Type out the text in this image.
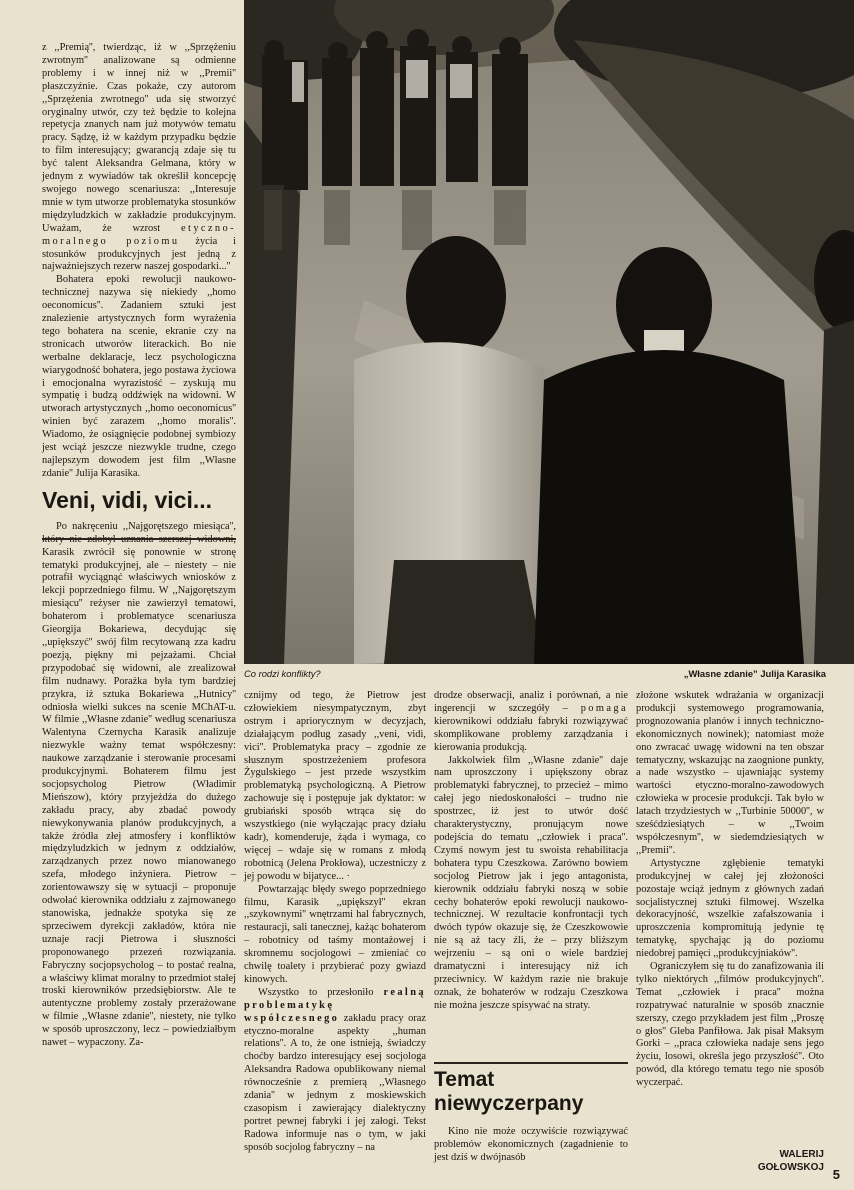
z ,,Premią'', twierdząc, iż w ,,Sprzężeniu zwrotnym'' analizowane są odmienne problemy i w innej niż w ,,Premii'' płaszczyźnie. Czas pokaże, czy autorom ,,Sprzężenia zwrotnego'' uda się stworzyć oryginalny utwór, czy też będzie to kolejna repetycja znanych nam już motywów tematu pracy. Sądzę, iż w każdym przypadku będzie to film interesujący; gwarancją zdaje się tu być talent Aleksandra Gelmana, który w jednym z wywiadów tak określił koncepcję swojego nowego scenariusza: ,,Interesuje mnie w tym utworze problematyka stosunków międzyludzkich w zakładzie produkcyjnym. Uważam, że wzrost etyczno-moralnego poziomu życia i stosunków produkcyjnych jest jedną z najważniejszych rezerw naszej gospodarki...''

Bohatera epoki rewolucji naukowo-technicznej nazywa się niekiedy ,,homo oeconomicus''. Zadaniem sztuki jest znalezienie artystycznych form wyrażenia tego bohatera na scenie, ekranie czy na stronicach utworów literackich. Bo nie werbalne deklaracje, lecz psychologiczna wiarygodność bohatera, jego postawa życiowa i emocjonalna wyrazistość – zyskują mu sympatię i budzą oddźwięk na widowni. W utworach artystycznych ,,homo oeconomicus'' winien być zarazem ,,homo moralis''. Wiadomo, że osiągnięcie podobnej symbiozy jest wciąż jeszcze niezwykle trudne, czego najlepszym dowodem jest film ,,Własne zdanie'' Julija Karasika.

Veni, vidi, vici...

Po nakręceniu ,,Najgorętszego miesiąca'', Karasik zwrócił się ponownie w stronę tematyki produkcyjnej, ale – niestety – nie potrafił wyciągnąć właściwych wniosków z lekcji poprzedniego filmu. W ,,Najgorętszym miesiącu'' reżyser nie zawierzył tematowi, bohaterom i problematyce scenariusza Gieorgija Bokariewa, decydując się ,,upiększyć'' swój film recytowaną zza kadru poezją, piękny mi pejzażami. Chciał przypodobać się widowni, ale zrealizował film nudnawy. Porażka była tym bardziej przykra, iż sztuka Bokariewa ,,Hutnicy'' odniosła wielki sukces na scenie MChAT-u. W filmie ,,Własne zdanie'' według scenariusza Walentyna Czernycha Karasik analizuje niezwykle ważny temat współczesny: naukowe zarządzanie i sterowanie procesami produkcyjnymi. Bohaterem filmu jest socjopsycholog Pietrow (Władimir Mieńszow), który przyjeżdża do dużego zakładu pracy, aby zbadać powody niewykonywania planów produkcyjnych, a także źródła złej atmosfery i konfliktów międzyludzkich w jednym z oddziałów, zarządzanych przez nowo mianowanego szefa, młodego inżyniera. Pietrow – zorientowawszy się w sytuacji – proponuje odwołać kierownika oddziału z zajmowanego stanowiska, jednakże spotyka się ze sprzeciwem dyrekcji zakładów, która nie uznaje racji Pietrowa i słuszności proponowanego przezeń rozwiązania. Fabryczny socjopsycholog – to postać realna, a właściwy klimat moralny to przedmiot stałej troski kierowników przedsiębiorstw. Ale te autentyczne problemy zostały przerażowane w filmie ,,Własne zdanie'', niestety, nie tylko w sposób uproszczony, lecz – powiedziałbym nawet – wypaczony. Za-

Co rodzi konflikty?	„Własne zdanie” Julija Karasika

cznijmy od tego, że Pietrow jest człowiekiem niesympatycznym, zbyt ostrym i apriorycznym w decyzjach, działającym podług zasady ,,veni, vidi, vici''. Problematyka pracy – zgodnie ze słusznym spostrzeżeniem profesora Żygulskiego – jest przede wszystkim problematyką psychologiczną. A Pietrow zachowuje się i postępuje jak dyktator: w grubiański sposób wtrąca się do wszystkiego (nie wyłączając pracy działu kadr), komenderuje, żąda i wymaga, co więcej – wdaje się w romans z młodą robotnicą (Jelena Prokłowa), uczestniczy z jej powodu w bijatyce... ·

Powtarzając błędy swego poprzedniego filmu, Karasik ,,upiększył'' ekran ,,szykownymi'' wnętrzami hal fabrycznych, restauracji, sali tanecznej, każąc bohaterom – robotnicy od taśmy montażowej i skromnemu socjologowi – zmieniać co chwilę toalety i przybierać pozy gwiazd kinowych.

Wszystko to przesłoniło realną problematykę współczesnego zakładu pracy oraz etyczno-moralne aspekty ,,human relations''. A to, że one istnieją, świadczy choćby bardzo interesujący esej socjologa Aleksandra Radowa opublikowany niemal równocześnie z premierą ,,Własnego zdania'' w jednym z moskiewskich czasopism i zawierający dialektyczny portret pewnej fabryki i jej załogi. Tekst Radowa informuje nas o tym, w jaki sposób socjolog fabryczny – na

drodze obserwacji, analiz i porównań, a nie ingerencji w szczegóły – pomaga kierownikowi oddziału fabryki rozwiązywać skomplikowane problemy zarządzania i kierowania produkcją.

Jakkolwiek film ,,Własne zdanie'' daje nam uproszczony i upiększony obraz problematyki fabrycznej, to przecież – mimo całej jego niedoskonałości – trudno nie spostrzec, iż jest to utwór dość charakterystyczny, pronującym nowe podejścia do tematu ,,człowiek i praca''. Czymś nowym jest tu swoista rehabilitacja bohatera typu Czeszkowa. Zarówno bowiem socjolog Pietrow jak i jego antagonista, kierownik oddziału fabryki noszą w sobie cechy bohaterów epoki rewolucji naukowo-technicznej. W rezultacie konfrontacji tych dwóch typów okazuje się, że Czeszkowowie nie są aż tacy źli, że – przy bliższym wejrzeniu – są oni o wiele bardziej dramatyczni i interesujący niż ich przeciwnicy. W każdym razie nie brakuje oznak, że bohaterów w rodzaju Czeszkowa nie można jeszcze spisywać na straty.

Temat
niewyczerpany

Kino nie może oczywiście rozwiązywać problemów ekonomicznych (zagadnienie to jest dziś w dwójnasób

złożone wskutek wdrażania w organizacji produkcji systemowego programowania, prognozowania planów i innych techniczno-ekonomicznych nowinek); natomiast może ono zwracać uwagę widowni na ten obszar tematyczny, wskazując na zaognione punkty, a nade wszystko – ujawniając systemy wartości etyczno-moralno-zawodowych człowieka w procesie produkcji. Tak było w latach trzydziestych w ,,Turbinie 50000'', w sześćdziesiątych – w ,,Twoim współczesnym'', w siedemdziesiątych w ,,Premii''.

Artystyczne zgłębienie tematyki produkcyjnej w całej jej złożoności pozostaje wciąż jednym z głównych zadań socjalistycznej sztuki filmowej. Wszelka dekoracyjność, wszelkie zafałszowania i uproszczenia kompromitują jedynie tę tematykę, spychając ją do poziomu niedobrej pamięci ,,produkcyjniaków''.

Ograniczyłem się tu do zanafizowania ili tylko niektórych ,,filmów produkcyjnych''. Temat ,,człowiek i praca'' można rozpatrywać naturalnie w sposób znacznie szerszy, czego przykładem jest film ,,Proszę o głos'' Gleba Panfiłowa. Jak pisał Maksym Gorki – ,,praca człowieka nadaje sens jego życiu, losowi, określa jego przyszłość''. Oto powód, dla którego tematu tego nie sposób wyczerpać.

WALERIJ
GOŁOWSKOJ 5
